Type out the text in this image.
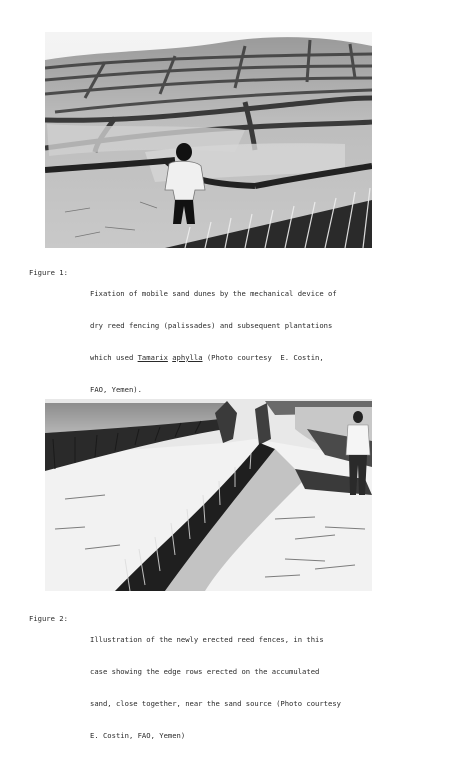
Figure 1:

Fixation of mobile sand dunes by the mechanical device of

dry reed fencing (palissades) and subsequent plantations

which used Tamarix aphylla (Photo courtesy  E. Costin,

FAO, Yemen).

Figure 2:

Illustration of the newly erected reed fences, in this

case showing the edge rows erected on the accumulated

sand, close together, near the sand source (Photo courtesy

E. Costin, FAO, Yemen)
